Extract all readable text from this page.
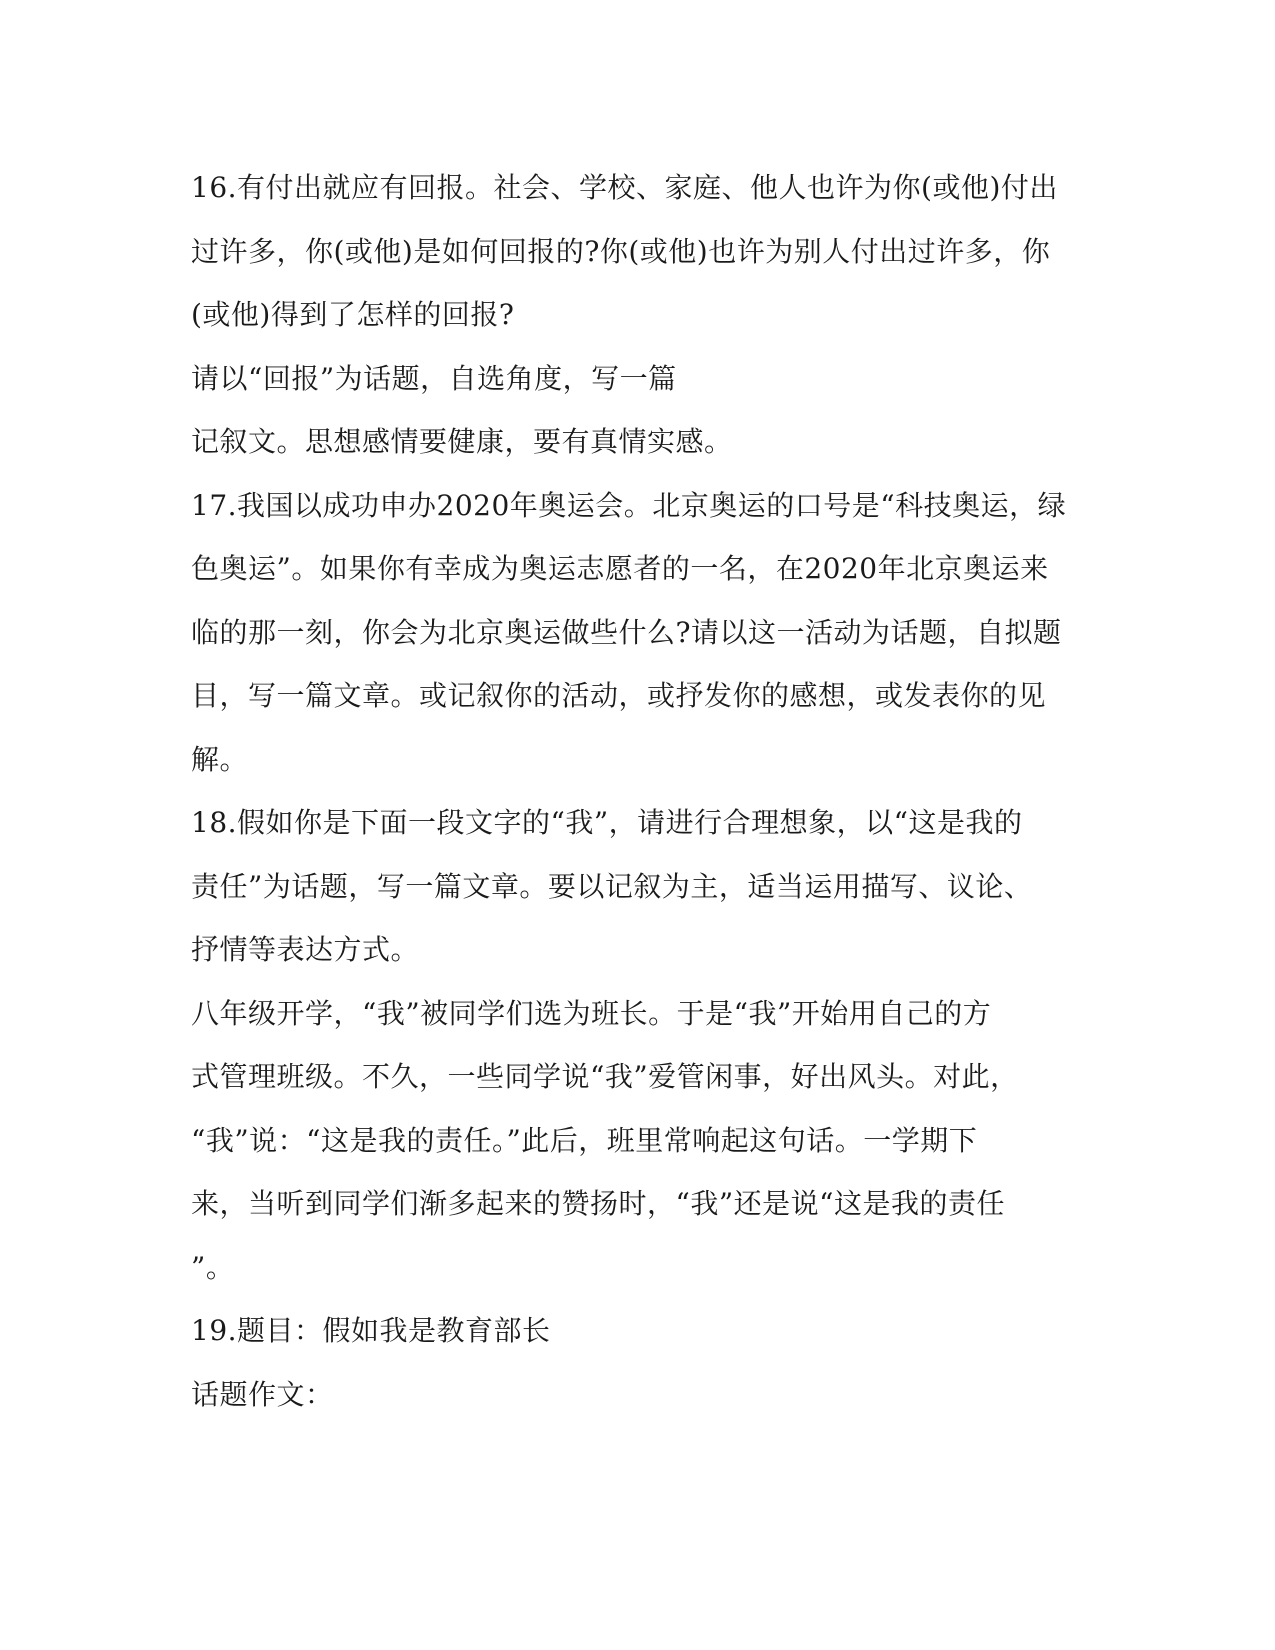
16.有付出就应有回报。社会、学校、家庭、他人也许为你(或他)付出
过许多，你(或他)是如何回报的?你(或他)也许为别人付出过许多，你
(或他)得到了怎样的回报?
请以“回报”为话题，自选角度，写一篇
记叙文。思想感情要健康，要有真情实感。
17.我国以成功申办2020年奥运会。北京奥运的口号是“科技奥运，绿
色奥运”。如果你有幸成为奥运志愿者的一名，在2020年北京奥运来
临的那一刻，你会为北京奥运做些什么?请以这一活动为话题，自拟题
目，写一篇文章。或记叙你的活动，或抒发你的感想，或发表你的见
解。
18.假如你是下面一段文字的“我”，请进行合理想象，以“这是我的
责任”为话题，写一篇文章。要以记叙为主，适当运用描写、议论、
抒情等表达方式。
八年级开学，“我”被同学们选为班长。于是“我”开始用自己的方
式管理班级。不久，一些同学说“我”爱管闲事，好出风头。对此，
“我”说：“这是我的责任。”此后，班里常响起这句话。一学期下
来，当听到同学们渐多起来的赞扬时，“我”还是说“这是我的责任
”。
19.题目：假如我是教育部长
话题作文：
